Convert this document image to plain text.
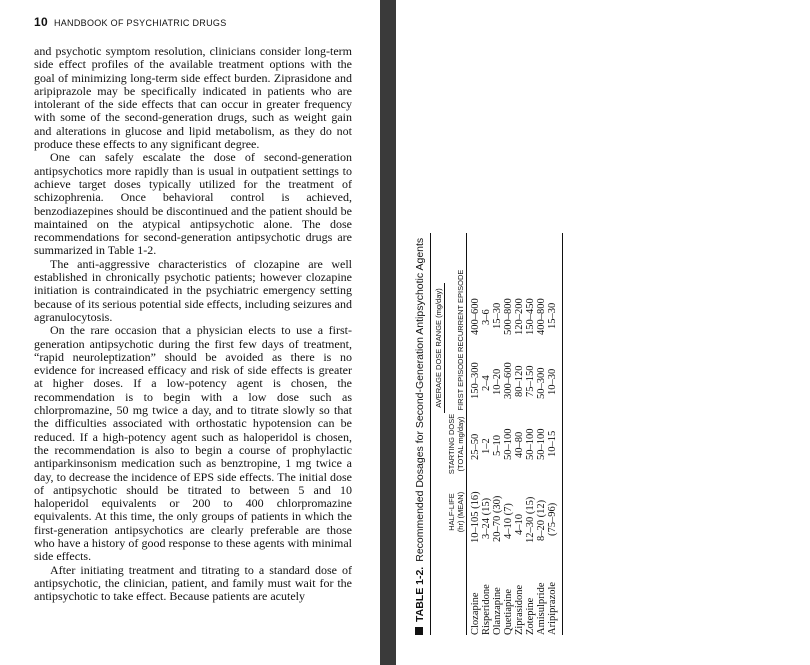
10 HANDBOOK OF PSYCHIATRIC DRUGS

and psychotic symptom resolution, clinicians consider long-term side effect profiles of the available treatment options with the goal of minimizing long-term side effect burden. Ziprasidone and aripiprazole may be specifically indicated in patients who are intolerant of the side effects that can occur in greater frequency with some of the second-generation drugs, such as weight gain and alterations in glucose and lipid metabolism, as they do not produce these effects to any significant degree.

One can safely escalate the dose of second-generation antipsychotics more rapidly than is usual in outpatient settings to achieve target doses typically utilized for the treatment of schizophrenia. Once behavioral control is achieved, benzodiazepines should be discontinued and the patient should be maintained on the atypical antipsychotic alone. The dose recommendations for second-generation antipsychotic drugs are summarized in Table 1-2.

The anti-aggressive characteristics of clozapine are well established in chronically psychotic patients; however clozapine initiation is contraindicated in the psychiatric emergency setting because of its serious potential side effects, including seizures and agranulocytosis.

On the rare occasion that a physician elects to use a first-generation antipsychotic during the first few days of treatment, “rapid neuroleptization” should be avoided as there is no evidence for increased efficacy and risk of side effects is greater at higher doses. If a low-potency agent is chosen, the recommendation is to begin with a low dose such as chlorpromazine, 50 mg twice a day, and to titrate slowly so that the difficulties associated with orthostatic hypotension can be reduced. If a high-potency agent such as haloperidol is chosen, the recommendation is also to begin a course of prophylactic antiparkinsonism medication such as benztropine, 1 mg twice a day, to decrease the incidence of EPS side effects. The initial dose of antipsychotic should be titrated to between 5 and 10 haloperidol equivalents or 200 to 400 chlorpromazine equivalents. At this time, the only groups of patients in which the first-generation antipsychotics are clearly preferable are those who have a history of good response to these agents with minimal side effects.

After initiating treatment and titrating to a standard dose of antipsychotic, the clinician, patient, and family must wait for the antipsychotic to take effect. Because patients are acutely	TABLE 1-2.Recommended Dosages for Second-Generation Antipsychotic Agents AVERAGE DOSE RANGE (mg/day)
HALF-LIFE (hr) (MEAN)
STARTING DOSE (TOTAL mg/day)
FIRST EPISODE
RECURRENT EPISODE
Clozapine
10–105 (16)
25–50
150–300
400–600
Risperidone
3–24 (15)
1–2
2–4
3–6
Olanzapine
20–70 (30)
5–10
10–20
15–30
Quetiapine
4–10 (7)
50–100
300–600
500–800
Ziprasidone
4–10
40–80
80–120
120–200
Zotepine
12–30 (15)
50–100
75–150
150–450
Amisulpride
8–20 (12)
50–100
50–300
400–800
Aripiprazole
(75–96)
10–15
10–30
15–30
